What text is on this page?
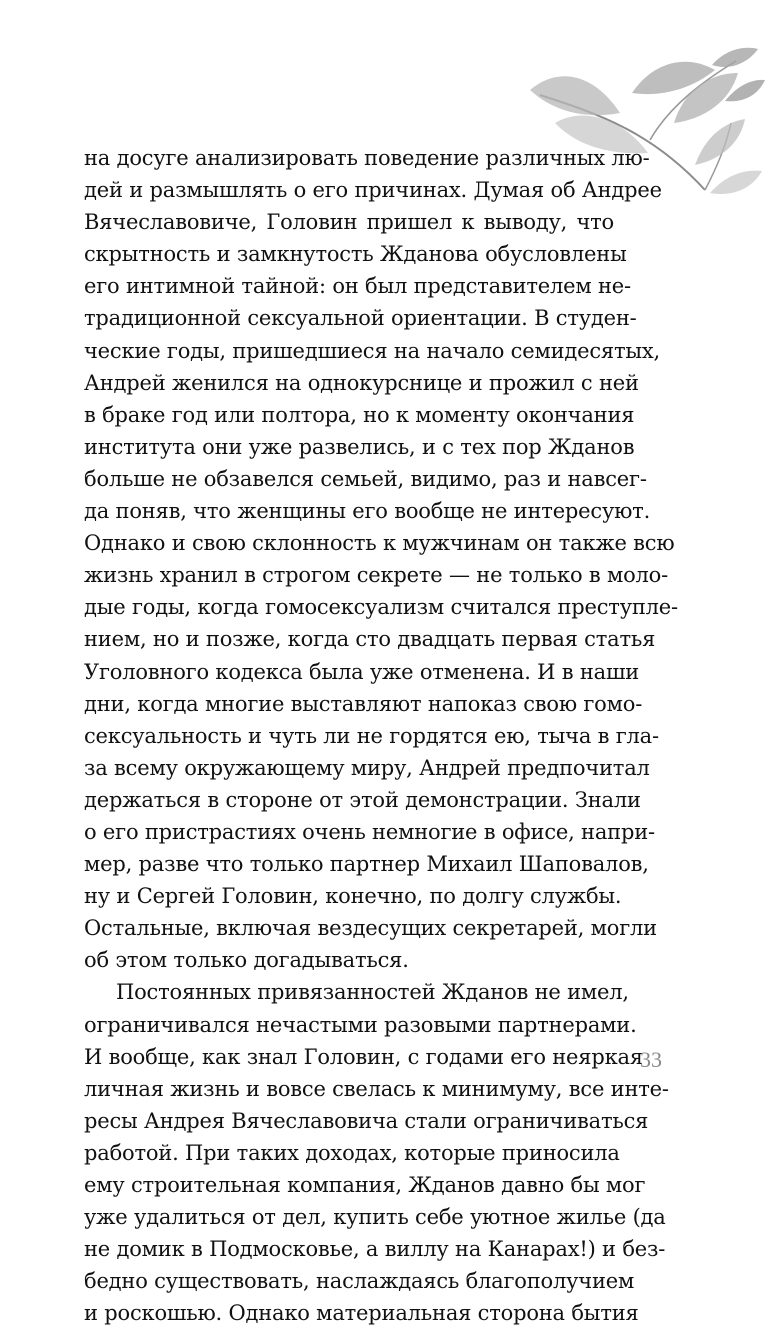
на досуге анализировать поведение различных лю-
дей и размышлять о его причинах. Думая об Андрее
Вячеславовиче, Головин пришел к выводу, что
скрытность и замкнутость Жданова обусловлены
его интимной тайной: он был представителем не-
традиционной сексуальной ориентации. В студен-
ческие годы, пришедшиеся на начало семидесятых,
Андрей женился на однокурснице и прожил с ней
в браке год или полтора, но к моменту окончания
института они уже развелись, и с тех пор Жданов
больше не обзавелся семьей, видимо, раз и навсег-
да поняв, что женщины его вообще не интересуют.
Однако и свою склонность к мужчинам он также всю
жизнь хранил в строгом секрете — не только в моло-
дые годы, когда гомосексуализм считался преступле-
нием, но и позже, когда сто двадцать первая статья
Уголовного кодекса была уже отменена. И в наши
дни, когда многие выставляют напоказ свою гомо-
сексуальность и чуть ли не гордятся ею, тыча в гла-
за всему окружающему миру, Андрей предпочитал
держаться в стороне от этой демонстрации. Знали
о его пристрастиях очень немногие в офисе, напри-
мер, разве что только партнер Михаил Шаповалов,
ну и Сергей Головин, конечно, по долгу службы.
Остальные, включая вездесущих секретарей, могли
об этом только догадываться.
Постоянных привязанностей Жданов не имел,
ограничивался нечастыми разовыми партнерами.
И вообще, как знал Головин, с годами его неяркая
личная жизнь и вовсе свелась к минимуму, все инте-
ресы Андрея Вячеславовича стали ограничиваться
работой. При таких доходах, которые приносила
ему строительная компания, Жданов давно бы мог
уже удалиться от дел, купить себе уютное жилье (да
не домик в Подмосковье, а виллу на Канарах!) и без-
бедно существовать, наслаждаясь благополучием
и роскошью. Однако материальная сторона бытия
33
